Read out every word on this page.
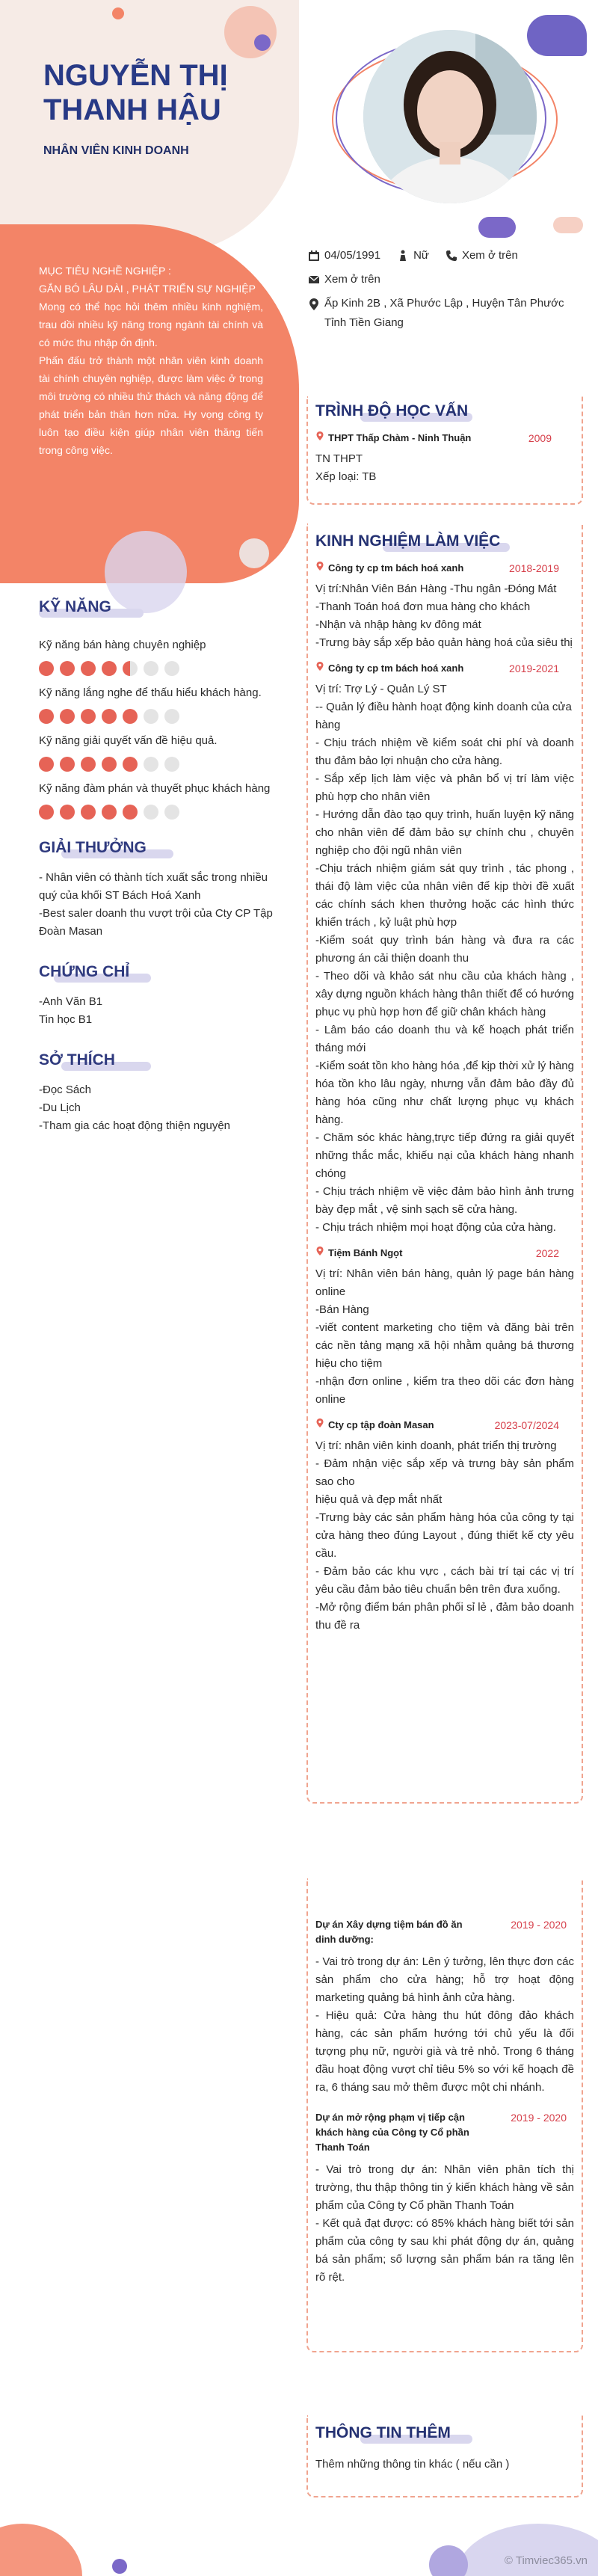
NGUYỄN THỊ
THANH HẬU
NHÂN VIÊN KINH DOANH

MỤC TIÊU NGHỀ NGHIỆP :

GẮN BÓ LÂU DÀI , PHÁT TRIỂN SỰ NGHIỆP

Mong có thể học hỏi thêm nhiều kinh nghiệm, trau dồi nhiều kỹ năng trong ngành tài chính và có mức thu nhập ổn định.

Phấn đấu trở thành một nhân viên kinh doanh tài chính chuyên nghiệp, được làm việc ở trong môi trường có nhiều thử thách và năng động để phát triển bản thân hơn nữa. Hy vọng công ty luôn tạo điều kiện giúp nhân viên thăng tiến trong công việc.

04/05/1991	Nữ	Xem ở trên
Xem ở trên
Ấp Kinh 2B , Xã Phước Lập , Huyện Tân Phước Tỉnh Tiền Giang
KỸ NĂNG
Kỹ năng bán hàng chuyên nghiệp
Kỹ năng lắng nghe để thấu hiểu khách hàng.
Kỹ năng giải quyết vấn đề hiệu quả.
Kỹ năng đàm phán và thuyết phục khách hàng
GIẢI THƯỞNG
- Nhân viên có thành tích xuất sắc trong nhiều quý của khối ST Bách Hoá Xanh
-Best saler doanh thu vượt trội của Cty CP Tập Đoàn Masan
CHỨNG CHỈ
-Anh Văn B1
Tin học B1
SỞ THÍCH
-Đọc Sách
-Du Lịch
-Tham gia các hoạt động thiện nguyện
TRÌNH ĐỘ HỌC VẤN
THPT Thấp Chàm - Ninh Thuận	2009
TN THPT
Xếp loại: TB
KINH NGHIỆM LÀM VIỆC
Công ty cp tm bách hoá xanh	2018-2019
Vị trí:Nhân Viên Bán Hàng -Thu ngân -Đóng Mát
-Thanh Toán hoá đơn mua hàng cho khách
-Nhận và nhập hàng kv đông mát
-Trưng bày sắp xếp bảo quản hàng hoá của siêu thị
Công ty cp tm bách hoá xanh	2019-2021
Vị trí: Trợ Lý - Quản Lý ST
-- Quản lý điều hành hoạt động kinh doanh của cửa
hàng
- Chịu trách nhiệm về kiểm soát chi phí và doanh thu đảm bảo lợi nhuận cho cửa hàng.
- Sắp xếp lịch làm việc và phân bổ vị trí làm việc phù hợp cho nhân viên
- Hướng dẫn đào tạo quy trình, huấn luyện kỹ năng cho nhân viên để đảm bảo sự chính chu , chuyên nghiệp cho đội ngũ nhân viên
-Chịu trách nhiệm giám sát quy trình , tác phong , thái độ làm việc của nhân viên để kịp thời đề xuất các chính sách khen thưởng hoặc các hình thức khiển trách , kỷ luật phù hợp
-Kiểm soát quy trình bán hàng và đưa ra các phương án cải thiện doanh thu
- Theo dõi và khảo sát nhu cầu của khách hàng , xây dựng nguồn khách hàng thân thiết để có hướng phục vụ phù hợp hơn để giữ chân khách hàng
- Lâm báo cáo doanh thu và kế hoạch phát triển tháng mới
-Kiểm soát tồn kho hàng hóa ,để kịp thời xử lý hàng hóa tồn kho lâu ngày, nhưng vẫn đảm bảo đầy đủ hàng hóa cũng như chất lượng phục vụ khách hàng.
- Chăm sóc khác hàng,trực tiếp đứng ra giải quyết những thắc mắc, khiếu nại của khách hàng nhanh chóng
- Chịu trách nhiệm về việc đảm bảo hình ảnh trưng bày đẹp mắt , vệ sinh sạch sẽ cửa hàng.
- Chịu trách nhiệm mọi hoạt động của cửa hàng.
Tiệm Bánh Ngọt	2022
Vị trí: Nhân viên bán hàng, quản lý page bán hàng online
-Bán Hàng
-viết content marketing cho tiệm và đăng bài trên các nền tảng mạng xã hội nhằm quảng bá thương hiệu cho tiệm
-nhận đơn online , kiểm tra theo dõi các đơn hàng online
Cty cp tập đoàn Masan	2023-07/2024
Vị trí: nhân viên kinh doanh, phát triển thị trường
- Đảm nhận việc sắp xếp và trưng bày sản phẩm sao cho
hiệu quả và đẹp mắt nhất
-Trưng bày các sản phẩm hàng hóa của công ty tại cửa hàng theo đúng Layout , đúng thiết kế cty yêu cầu.
- Đảm bảo các khu vực , cách bài trí tại các vị trí yêu cầu đảm bảo tiêu chuẩn bên trên đưa xuống.
-Mở rộng điểm bán phân phối sỉ lẻ , đảm bảo doanh thu đề ra
Dự án Xây dựng tiệm bán đồ ăn dinh dưỡng:
2019 - 2020
- Vai trò trong dự án: Lên ý tưởng, lên thực đơn các sản phẩm cho cửa hàng; hỗ trợ hoạt động marketing quảng bá hình ảnh cửa hàng.
- Hiệu quả: Cửa hàng thu hút đông đảo khách hàng, các sản phẩm hướng tới chủ yếu là đối tượng phụ nữ, người già và trẻ nhỏ. Trong 6 tháng đầu hoạt động vượt chỉ tiêu 5% so với kế hoạch đề ra, 6 tháng sau mở thêm được một chi nhánh.
Dự án mở rộng phạm vị tiếp cận khách hàng của Công ty Cổ phần Thanh Toán
2019 - 2020
- Vai trò trong dự án: Nhân viên phân tích thị trường, thu thập thông tin ý kiến khách hàng về sản phẩm của Công ty Cổ phần Thanh Toán
- Kết quả đạt được: có 85% khách hàng biết tới sản phẩm của công ty sau khi phát động dự án, quảng bá sản phẩm; số lượng sản phẩm bán ra tăng lên rõ rệt.
THÔNG TIN THÊM
Thêm những thông tin khác ( nếu cần )
© Timviec365.vn
